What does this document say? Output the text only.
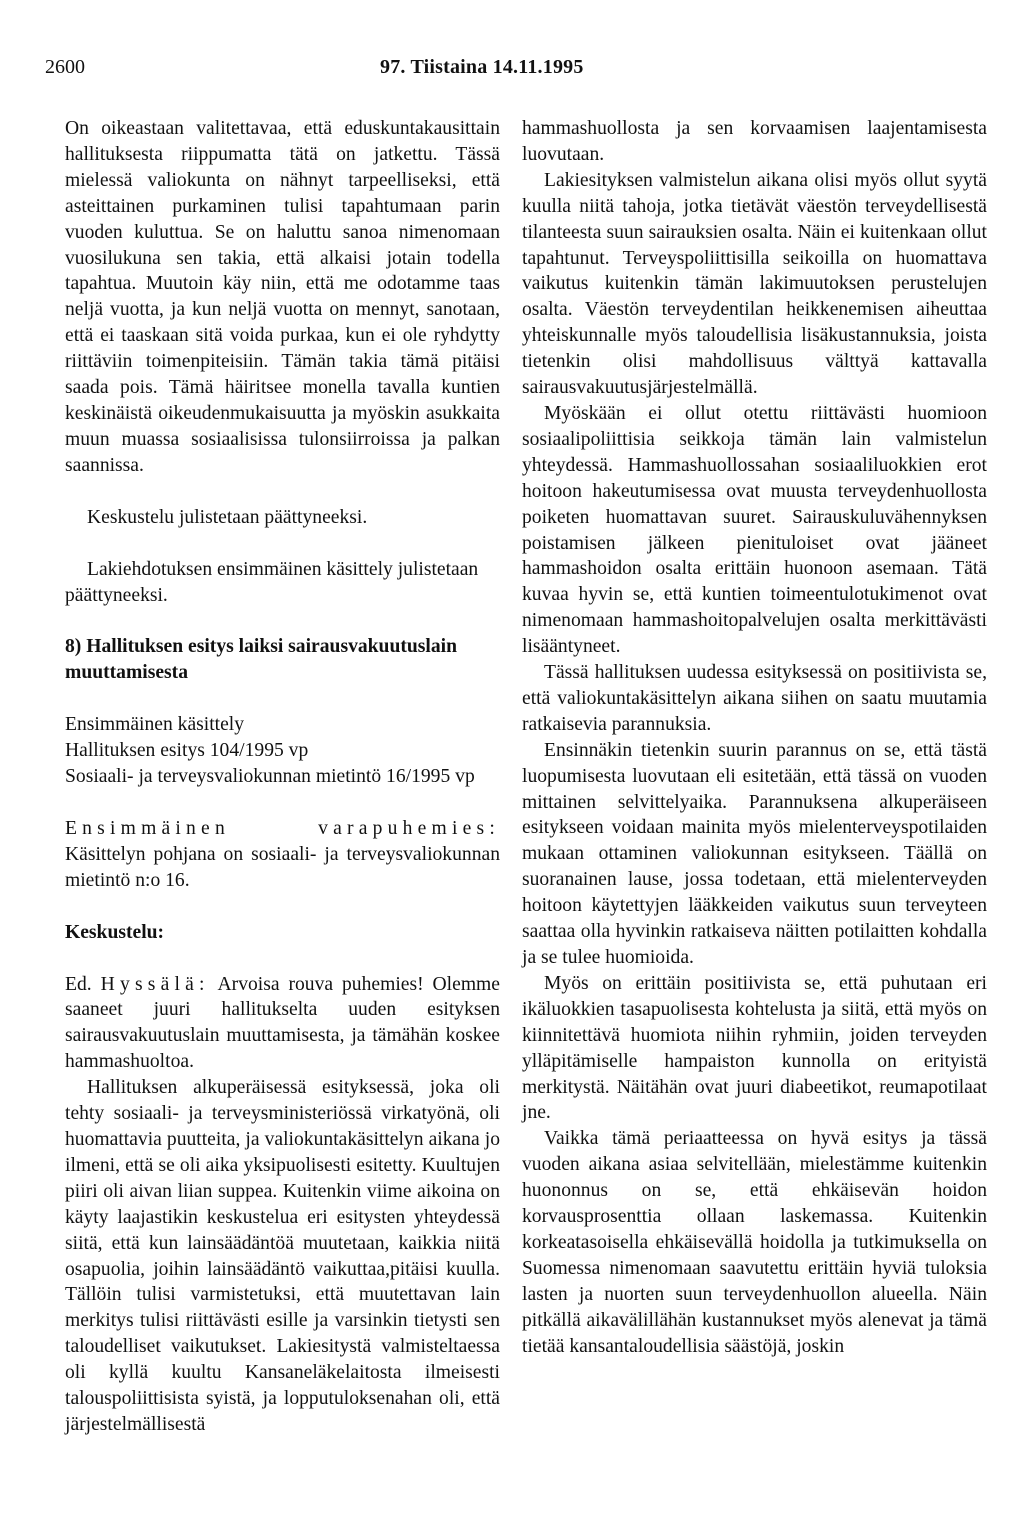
2600	97. Tiistaina 14.11.1995

On oikeastaan valitettavaa, että eduskuntakausittain hallituksesta riippumatta tätä on jatkettu. Tässä mielessä valiokunta on nähnyt tarpeelliseksi, että asteittainen purkaminen tulisi tapahtumaan parin vuoden kuluttua. Se on haluttu sanoa nimenomaan vuosilukuna sen takia, että alkaisi jotain todella tapahtua. Muutoin käy niin, että me odotamme taas neljä vuotta, ja kun neljä vuotta on mennyt, sanotaan, että ei taaskaan sitä voida purkaa, kun ei ole ryhdytty riittäviin toimenpiteisiin. Tämän takia tämä pitäisi saada pois. Tämä häiritsee monella tavalla kuntien keskinäistä oikeudenmukaisuutta ja myöskin asukkaita muun muassa sosiaalisissa tulonsiirroissa ja palkan saannissa.

Keskustelu julistetaan päättyneeksi.

Lakiehdotuksen ensimmäinen käsittely julistetaan päättyneeksi.

8) Hallituksen esitys laiksi sairausvakuutuslain muuttamisesta

Ensimmäinen käsittely

Hallituksen esitys 104/1995 vp

Sosiaali- ja terveysvaliokunnan mietintö 16/1995 vp

Ensimmäinen varapuhemies: Käsittelyn pohjana on sosiaali- ja terveysvaliokunnan mietintö n:o 16.

Keskustelu:

Ed. Hyssälä: Arvoisa rouva puhemies! Olemme saaneet juuri hallitukselta uuden esityksen sairausvakuutuslain muuttamisesta, ja tämähän koskee hammashuoltoa.

Hallituksen alkuperäisessä esityksessä, joka oli tehty sosiaali- ja terveysministeriössä virkatyönä, oli huomattavia puutteita, ja valiokuntakäsittelyn aikana jo ilmeni, että se oli aika yksipuolisesti esitetty. Kuultujen piiri oli aivan liian suppea. Kuitenkin viime aikoina on käyty laajastikin keskustelua eri esitysten yhteydessä siitä, että kun lainsäädäntöä muutetaan, kaikkia niitä osapuolia, joihin lainsäädäntö vaikuttaa,pitäisi kuulla. Tällöin tulisi varmistetuksi, että muutettavan lain merkitys tulisi riittävästi esille ja varsinkin tietysti sen taloudelliset vaikutukset. Lakiesitystä valmisteltaessa oli kyllä kuultu Kansaneläkelaitosta ilmeisesti talouspoliittisista syistä, ja lopputuloksenahan oli, että järjestelmällisestä

hammashuollosta ja sen korvaamisen laajentamisesta luovutaan.

Lakiesityksen valmistelun aikana olisi myös ollut syytä kuulla niitä tahoja, jotka tietävät väestön terveydellisestä tilanteesta suun sairauksien osalta. Näin ei kuitenkaan ollut tapahtunut. Terveyspoliittisilla seikoilla on huomattava vaikutus kuitenkin tämän lakimuutoksen perustelujen osalta. Väestön terveydentilan heikkenemisen aiheuttaa yhteiskunnalle myös taloudellisia lisäkustannuksia, joista tietenkin olisi mahdollisuus välttyä kattavalla sairausvakuutusjärjestelmällä.

Myöskään ei ollut otettu riittävästi huomioon sosiaalipoliittisia seikkoja tämän lain valmistelun yhteydessä. Hammashuollossahan sosiaaliluokkien erot hoitoon hakeutumisessa ovat muusta terveydenhuollosta poiketen huomattavan suuret. Sairauskuluvähennyksen poistamisen jälkeen pienituloiset ovat jääneet hammashoidon osalta erittäin huonoon asemaan. Tätä kuvaa hyvin se, että kuntien toimeentulotukimenot ovat nimenomaan hammashoitopalvelujen osalta merkittävästi lisääntyneet.

Tässä hallituksen uudessa esityksessä on positiivista se, että valiokuntakäsittelyn aikana siihen on saatu muutamia ratkaisevia parannuksia.

Ensinnäkin tietenkin suurin parannus on se, että tästä luopumisesta luovutaan eli esitetään, että tässä on vuoden mittainen selvittelyaika. Parannuksena alkuperäiseen esitykseen voidaan mainita myös mielenterveyspotilaiden mukaan ottaminen valiokunnan esitykseen. Täällä on suoranainen lause, jossa todetaan, että mielenterveyden hoitoon käytettyjen lääkkeiden vaikutus suun terveyteen saattaa olla hyvinkin ratkaiseva näitten potilaitten kohdalla ja se tulee huomioida.

Myös on erittäin positiivista se, että puhutaan eri ikäluokkien tasapuolisesta kohtelusta ja siitä, että myös on kiinnitettävä huomiota niihin ryhmiin, joiden terveyden ylläpitämiselle hampaiston kunnolla on erityistä merkitystä. Näitähän ovat juuri diabeetikot, reumapotilaat jne.

Vaikka tämä periaatteessa on hyvä esitys ja tässä vuoden aikana asiaa selvitellään, mielestämme kuitenkin huononnus on se, että ehkäisevän hoidon korvausprosenttia ollaan laskemassa. Kuitenkin korkeatasoisella ehkäisevällä hoidolla ja tutkimuksella on Suomessa nimenomaan saavutettu erittäin hyviä tuloksia lasten ja nuorten suun terveydenhuollon alueella. Näin pitkällä aikavälillähän kustannukset myös alenevat ja tämä tietää kansantaloudellisia säästöjä, joskin
